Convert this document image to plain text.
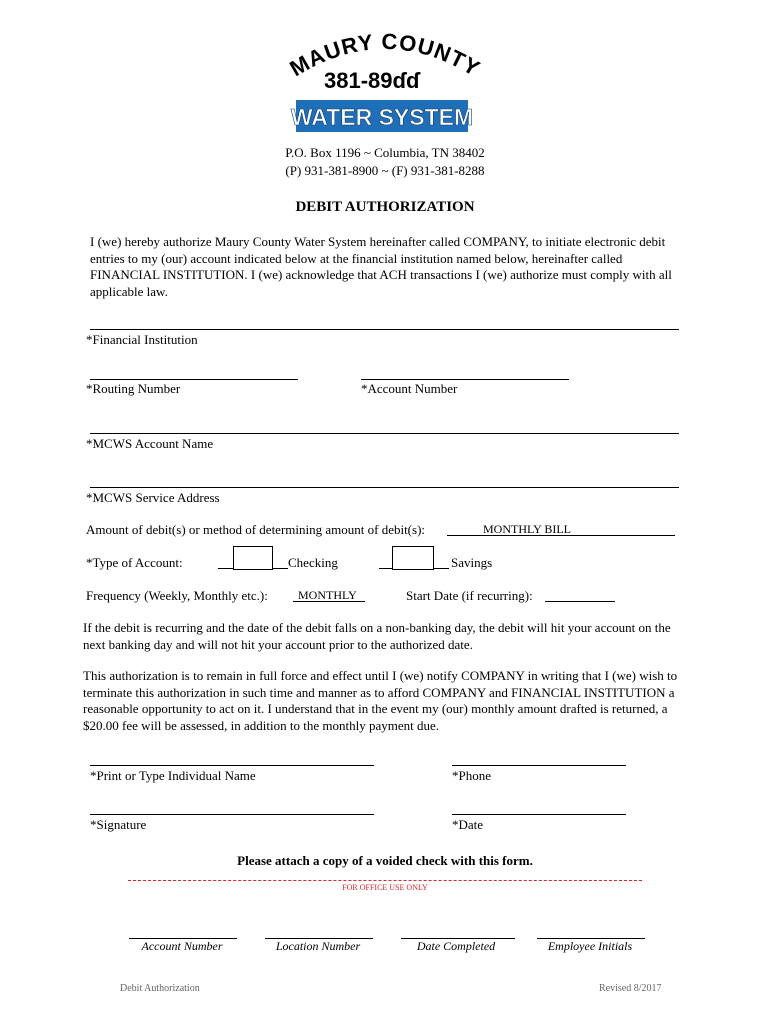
MAURY COUNTY
381-89ɗɗ
WATER SYSTEM
P.O. Box 1196 ~ Columbia, TN 38402
(P) 931-381-8900 ~ (F) 931-381-8288
DEBIT AUTHORIZATION
I (we) hereby authorize Maury County Water System hereinafter called COMPANY, to initiate electronic debit entries to my (our) account indicated below at the financial institution named below, hereinafter called FINANCIAL INSTITUTION. I (we) acknowledge that ACH transactions I (we) authorize must comply with all applicable law.
*Financial Institution
*Routing Number	*Account Number
*MCWS Account Name
*MCWS Service Address
Amount of debit(s) or method of determining amount of debit(s):	MONTHLY BILL
*Type of Account:	Checking	Savings
Frequency (Weekly, Monthly etc.):	MONTHLY	Start Date (if recurring):
If the debit is recurring and the date of the debit falls on a non-banking day, the debit will hit your account on the next banking day and will not hit your account prior to the authorized date.
This authorization is to remain in full force and effect until I (we) notify COMPANY in writing that I (we) wish to terminate this authorization in such time and manner as to afford COMPANY and FINANCIAL INSTITUTION a reasonable opportunity to act on it. I understand that in the event my (our) monthly amount drafted is returned, a $20.00 fee will be assessed, in addition to the monthly payment due.
*Print or Type Individual Name	*Phone
*Signature	*Date
Please attach a copy of a voided check with this form.
FOR OFFICE USE ONLY
Account Number	Location Number	Date Completed	Employee Initials
Debit Authorization	Revised 8/2017
